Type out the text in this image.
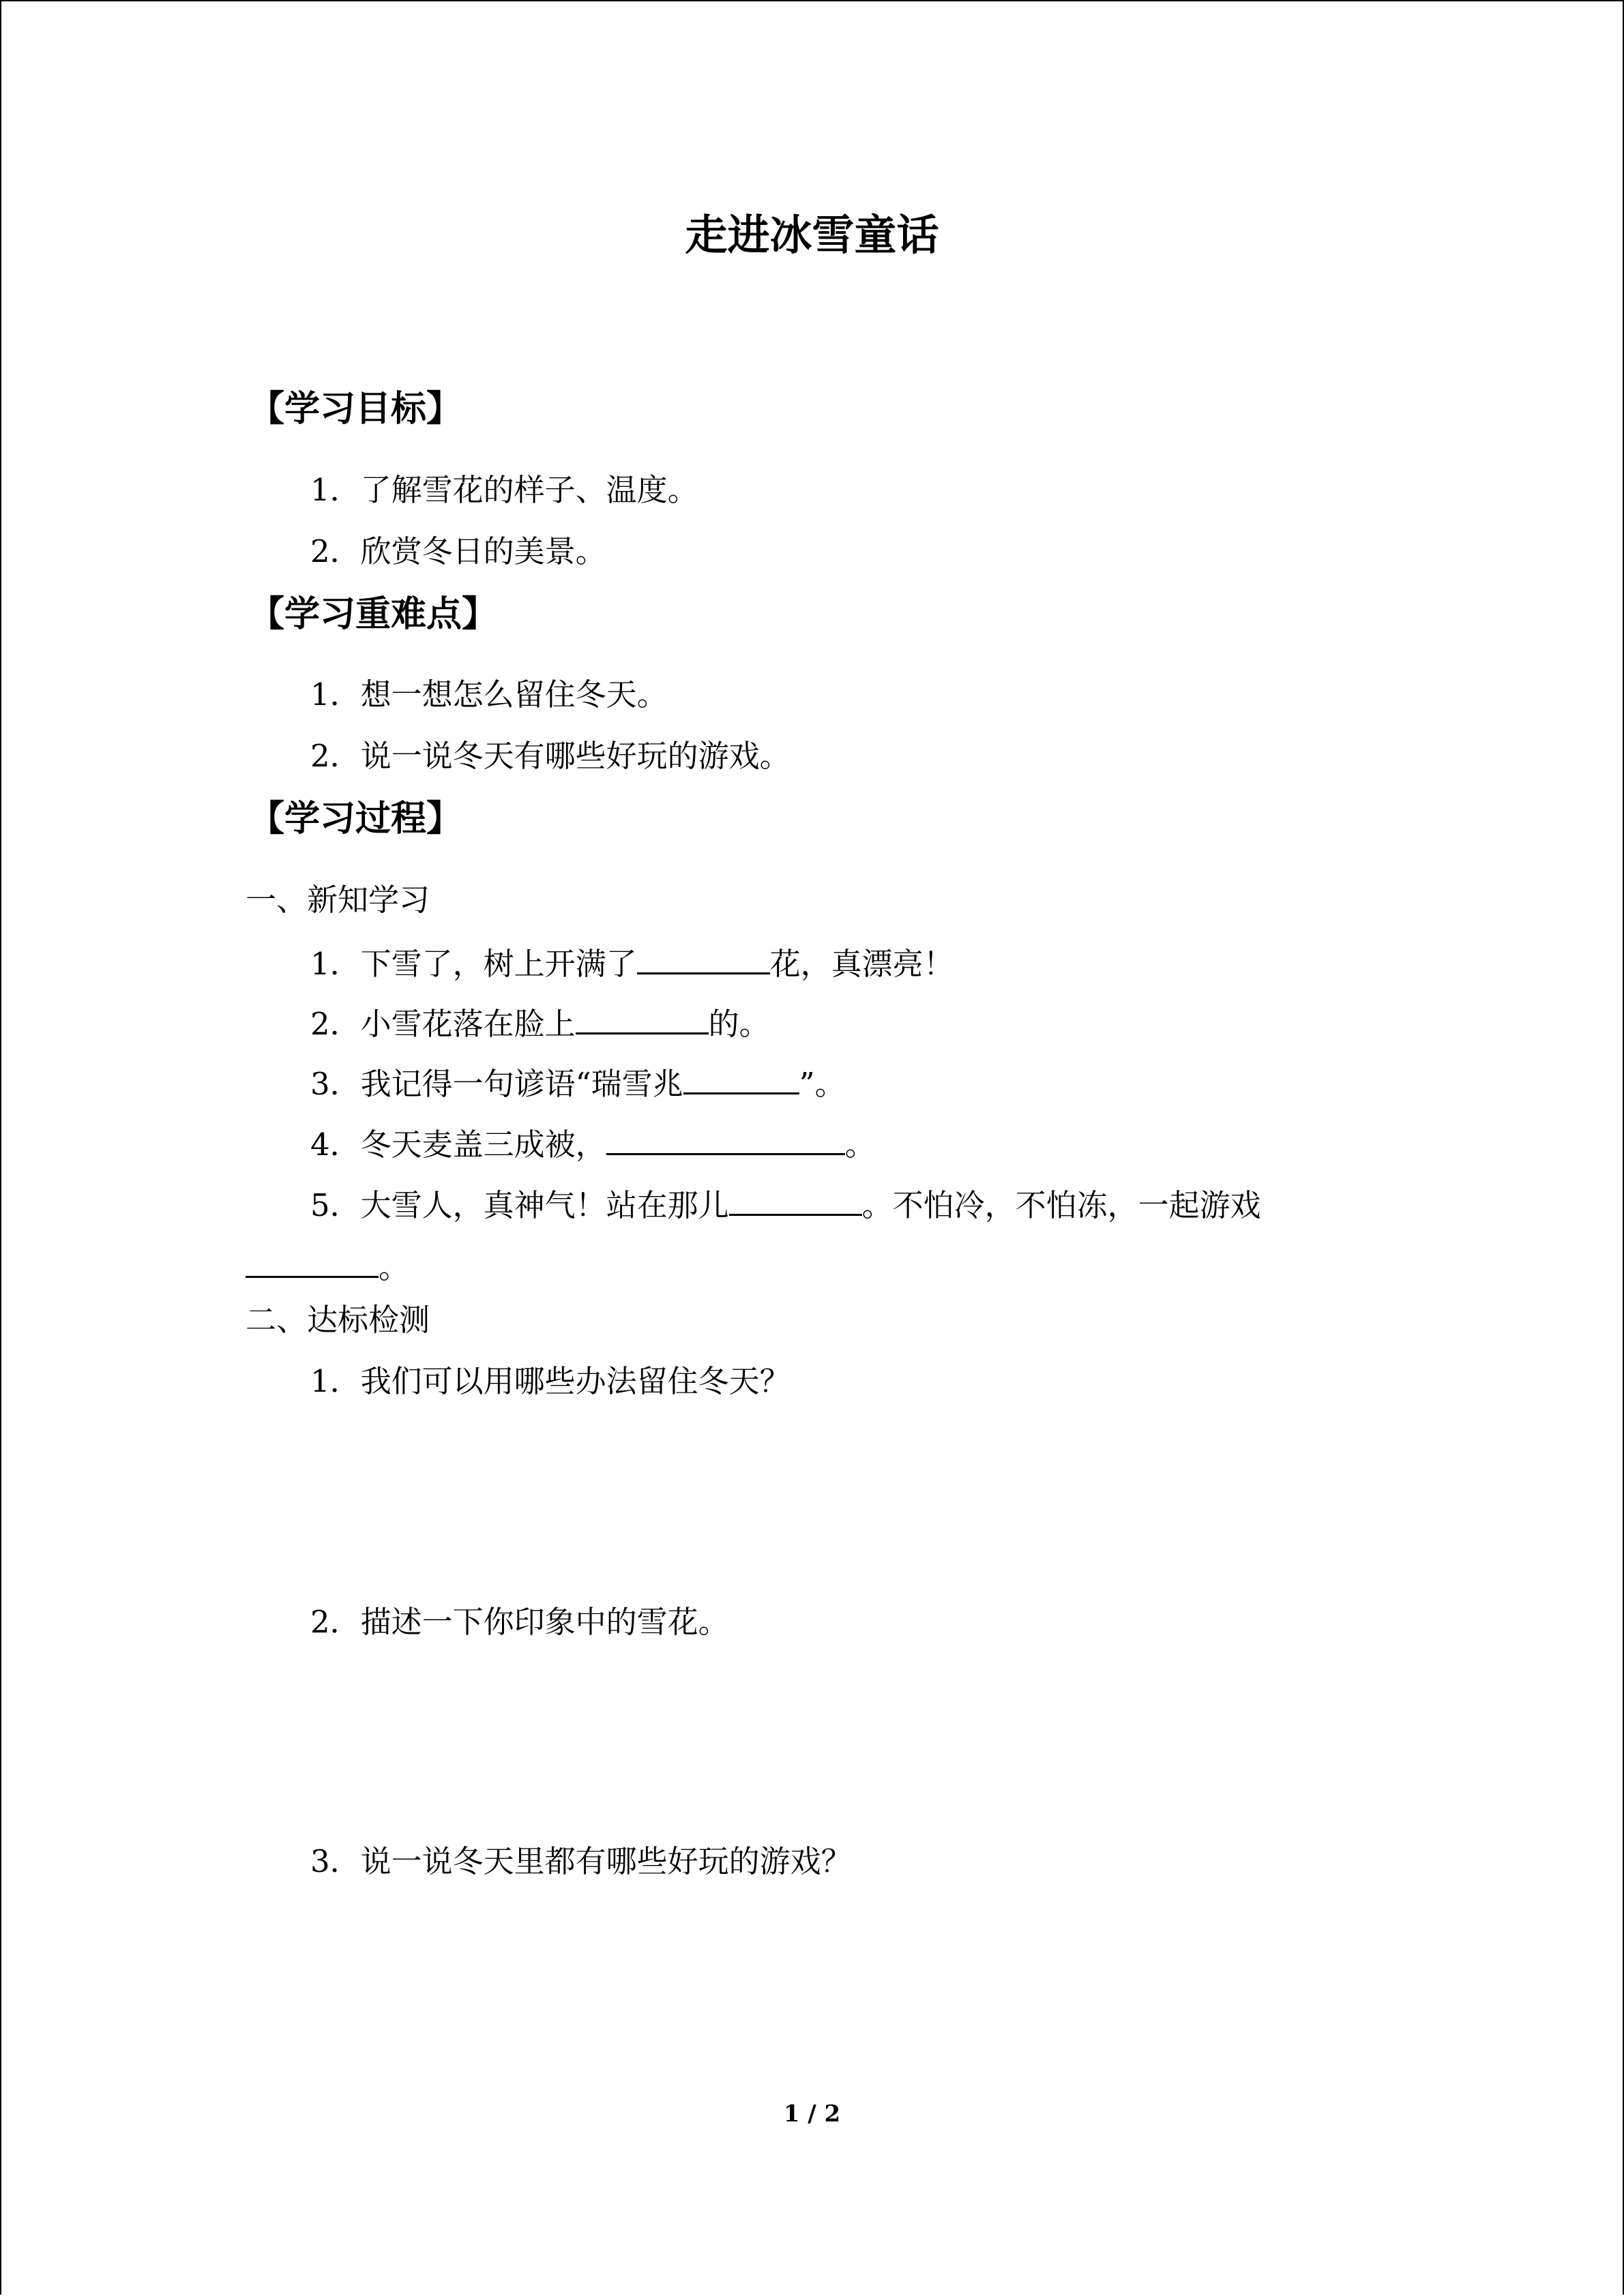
走进冰雪童话
【学习目标】
1．了解雪花的样子、温度。
2．欣赏冬日的美景。
【学习重难点】
1．想一想怎么留住冬天。
2．说一说冬天有哪些好玩的游戏。
【学习过程】
一、新知学习
1．下雪了，树上开满了	花，真漂亮！
2．小雪花落在脸上	的。
3．我记得一句谚语“瑞雪兆	”。
4．冬天麦盖三成被，	。
5．大雪人，真神气！站在那儿	。不怕冷，不怕冻，一起游戏
。
二、达标检测
1．我们可以用哪些办法留住冬天？
2．描述一下你印象中的雪花。
3．说一说冬天里都有哪些好玩的游戏？
1 / 2
